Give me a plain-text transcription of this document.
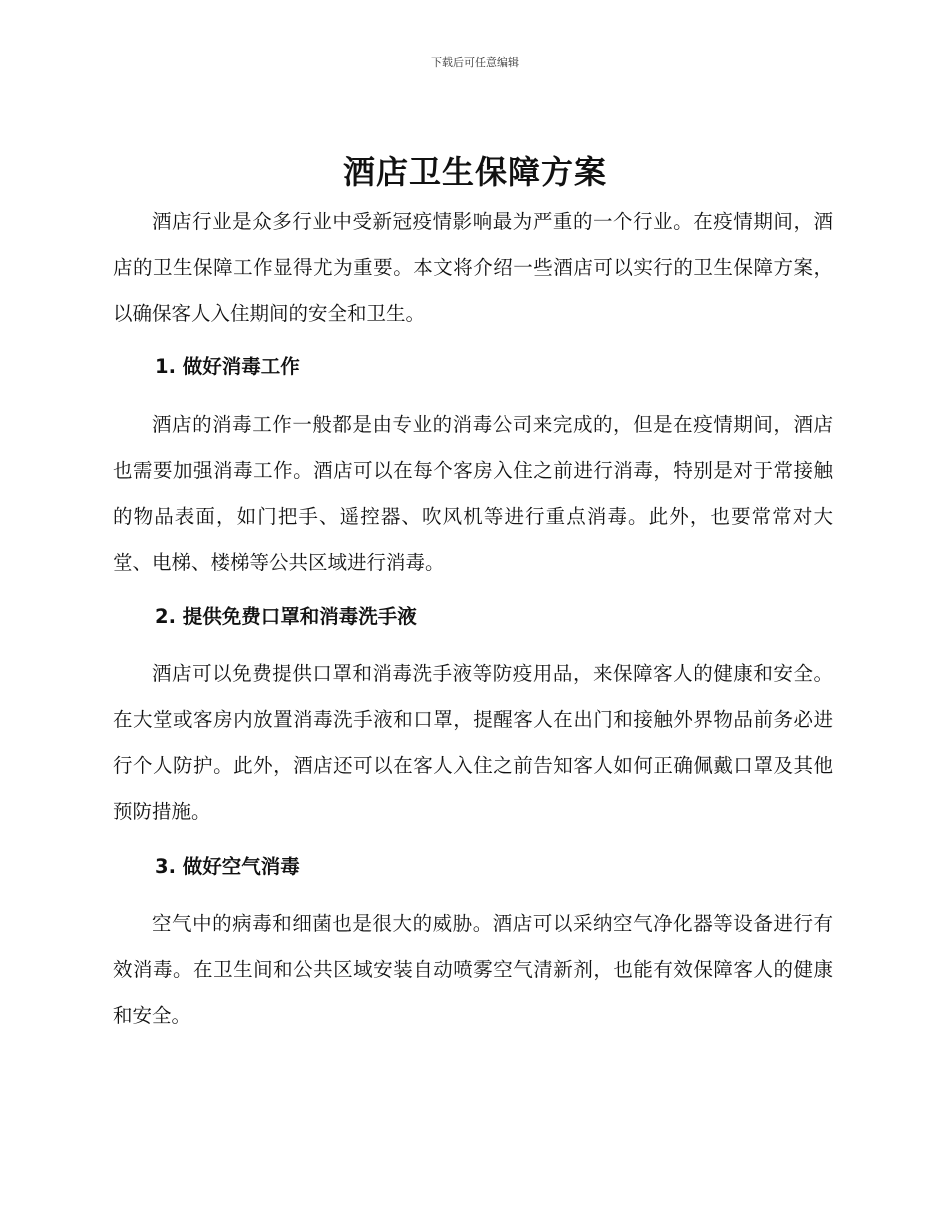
下载后可任意编辑
酒店卫生保障方案

酒店行业是众多行业中受新冠疫情影响最为严重的一个行业。在疫情期间，酒店的卫生保障工作显得尤为重要。本文将介绍一些酒店可以实行的卫生保障方案，以确保客人入住期间的安全和卫生。

1. 做好消毒工作

酒店的消毒工作一般都是由专业的消毒公司来完成的，但是在疫情期间，酒店也需要加强消毒工作。酒店可以在每个客房入住之前进行消毒，特别是对于常接触的物品表面，如门把手、遥控器、吹风机等进行重点消毒。此外，也要常常对大堂、电梯、楼梯等公共区域进行消毒。

2. 提供免费口罩和消毒洗手液

酒店可以免费提供口罩和消毒洗手液等防疫用品，来保障客人的健康和安全。在大堂或客房内放置消毒洗手液和口罩，提醒客人在出门和接触外界物品前务必进行个人防护。此外，酒店还可以在客人入住之前告知客人如何正确佩戴口罩及其他预防措施。

3. 做好空气消毒

空气中的病毒和细菌也是很大的威胁。酒店可以采纳空气净化器等设备进行有效消毒。在卫生间和公共区域安装自动喷雾空气清新剂，也能有效保障客人的健康和安全。
